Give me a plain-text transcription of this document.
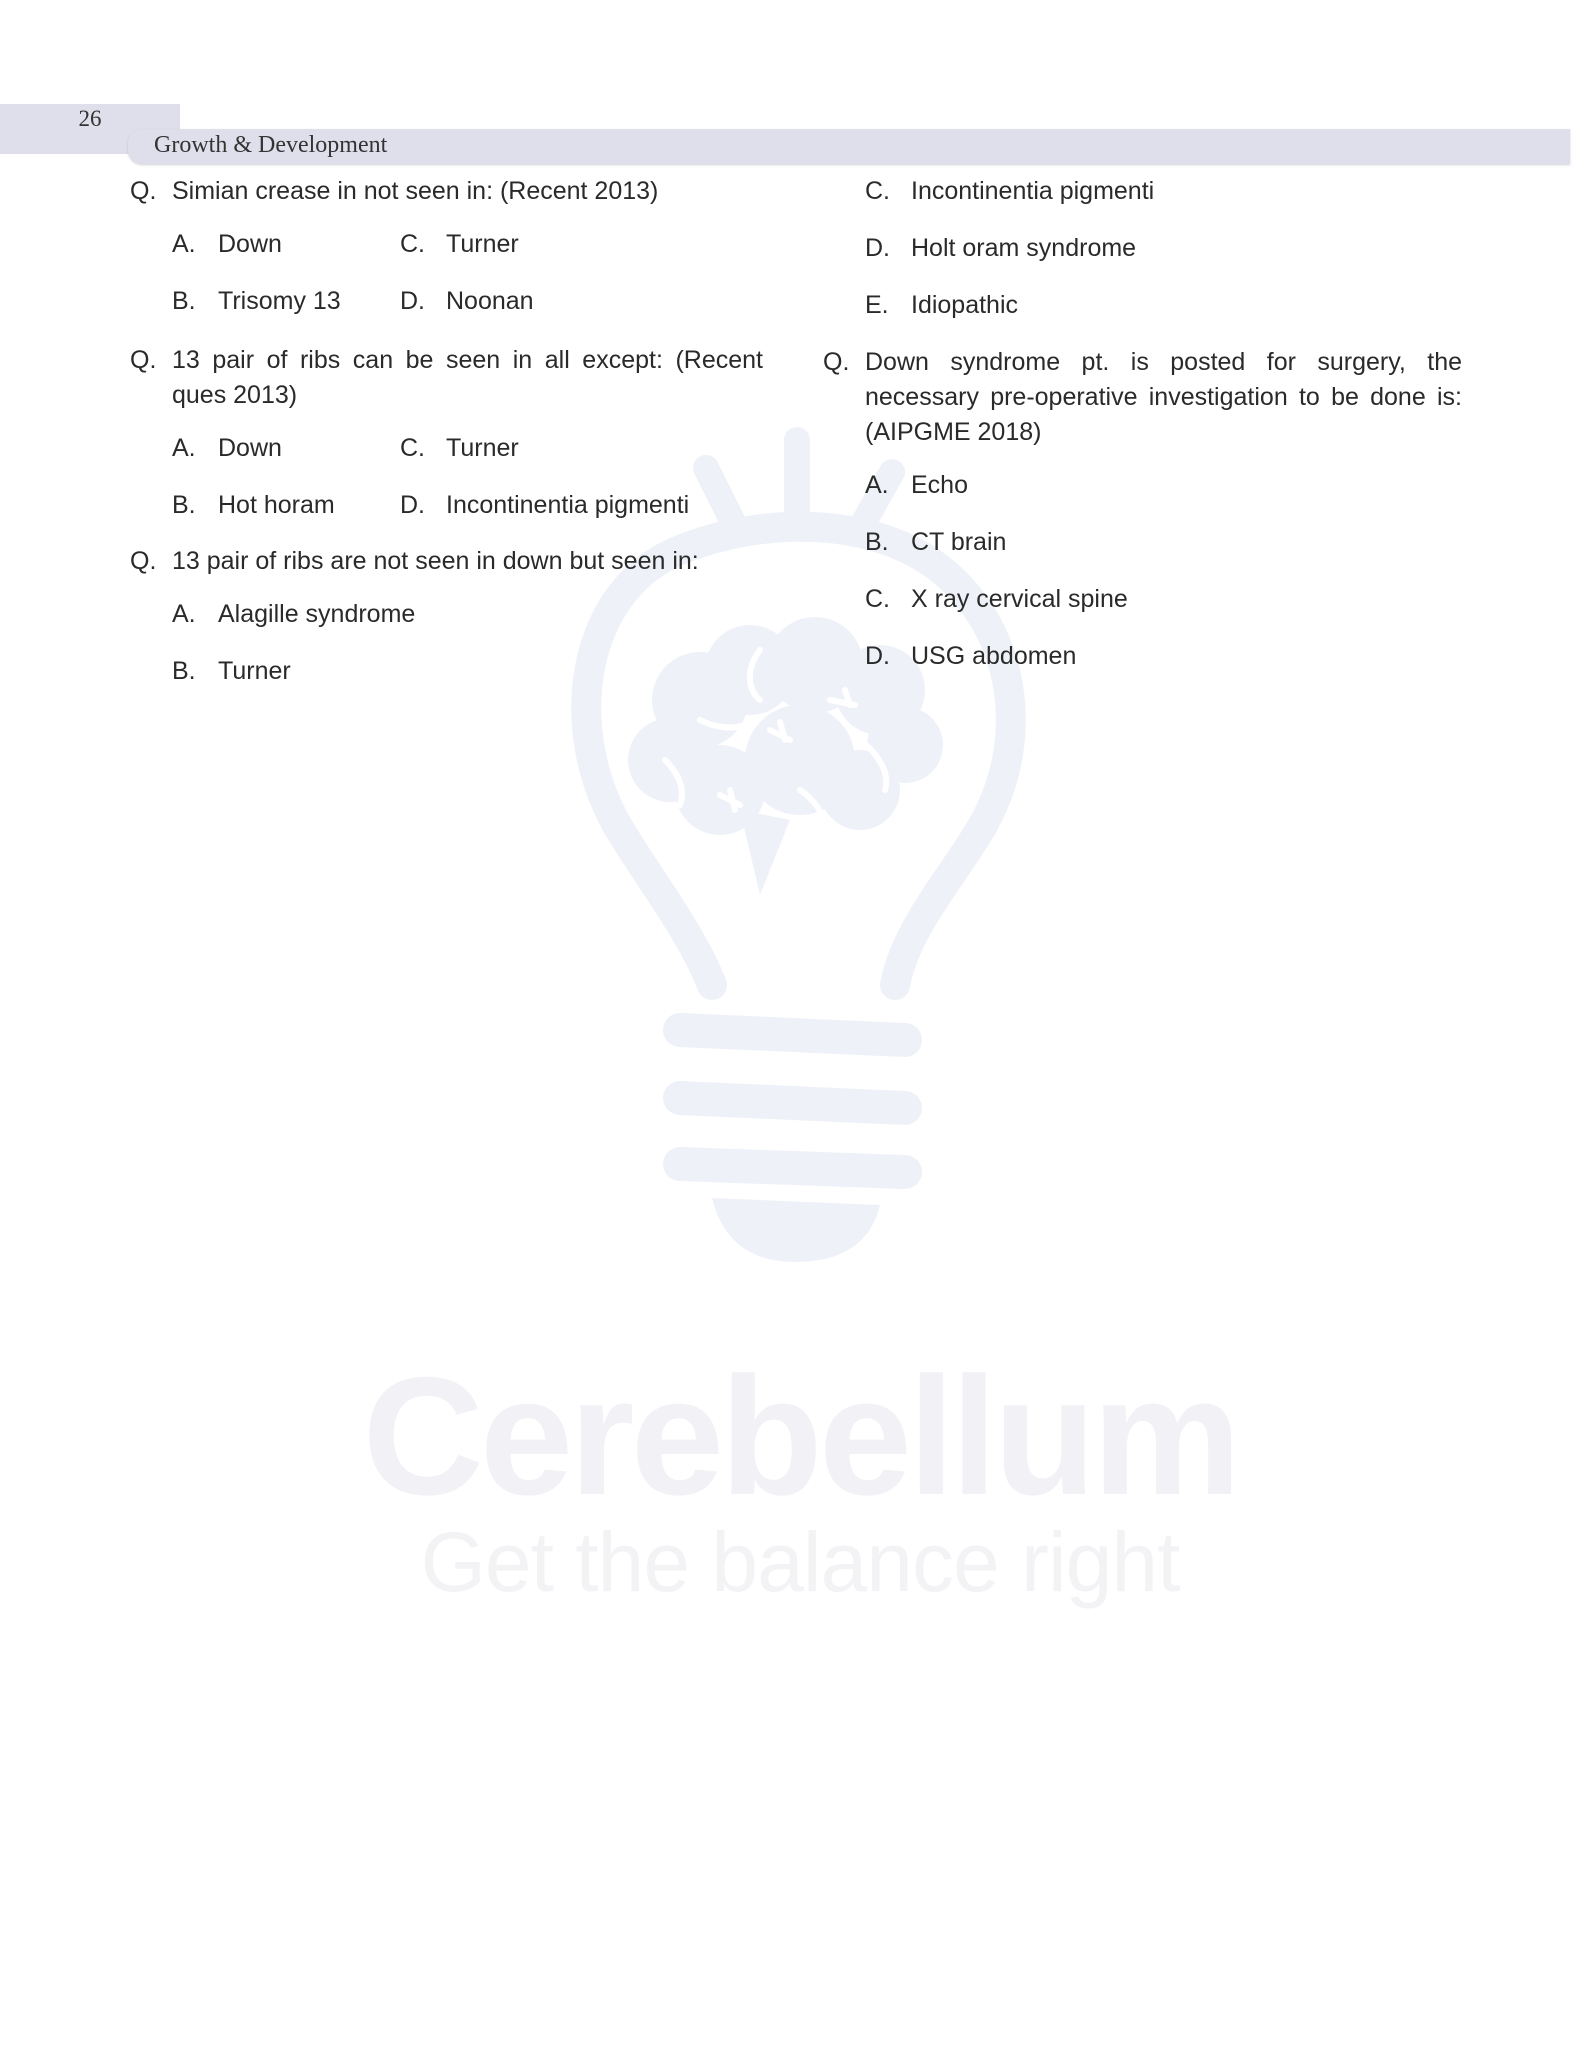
Cerebellum
Get the balance right
26
Growth & Development
Q. Simian crease in not seen in: (Recent 2013)
A. Down	C. Turner
B. Trisomy 13 D. Noonan
Q. 13 pair of ribs can be seen in all except: (Recent ques 2013)
A. Down	C. Turner
B. Hot horam	D. Incontinentia pigmenti
Q. 13 pair of ribs are not seen in down but seen in:
A. Alagille syndrome
B. Turner
C. Incontinentia pigmenti
D. Holt oram syndrome
E. Idiopathic
Q. Down syndrome pt. is posted for surgery, the necessary pre-operative investigation to be done is: (AIPGME 2018)
A. Echo
B. CT brain
C. X ray cervical spine
D. USG abdomen
